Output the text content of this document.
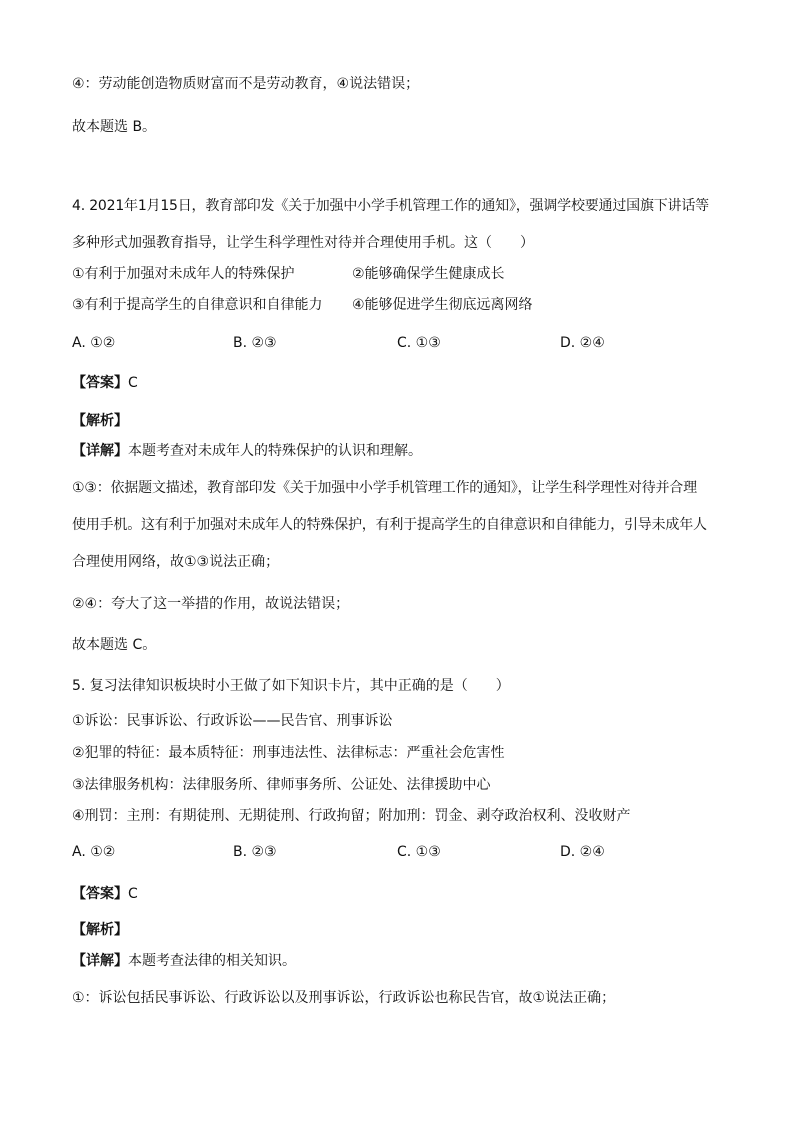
④：劳动能创造物质财富而不是劳动教育，④说法错误；
故本题选 B。
4. 2021年1月15日，教育部印发《关于加强中小学手机管理工作的通知》，强调学校要通过国旗下讲话等
多种形式加强教育指导，让学生科学理性对待并合理使用手机。这（　　）
①有利于加强对未成年人的特殊保护	②能够确保学生健康成长
③有利于提高学生的自律意识和自律能力 ④能够促进学生彻底远离网络
A. ①②	B. ②③	C. ①③	D. ②④
【答案】C
【解析】
【详解】本题考查对未成年人的特殊保护的认识和理解。
①③：依据题文描述，教育部印发《关于加强中小学手机管理工作的通知》，让学生科学理性对待并合理
使用手机。这有利于加强对未成年人的特殊保护，有利于提高学生的自律意识和自律能力，引导未成年人
合理使用网络，故①③说法正确；
②④：夸大了这一举措的作用，故说法错误；
故本题选 C。
5. 复习法律知识板块时小王做了如下知识卡片，其中正确的是（　　）
①诉讼：民事诉讼、行政诉讼——民告官、刑事诉讼
②犯罪的特征：最本质特征：刑事违法性、法律标志：严重社会危害性
③法律服务机构：法律服务所、律师事务所、公证处、法律援助中心
④刑罚：主刑：有期徒刑、无期徒刑、行政拘留；附加刑：罚金、剥夺政治权利、没收财产
A. ①②	B. ②③	C. ①③	D. ②④
【答案】C
【解析】
【详解】本题考查法律的相关知识。
①：诉讼包括民事诉讼、行政诉讼以及刑事诉讼，行政诉讼也称民告官，故①说法正确；
